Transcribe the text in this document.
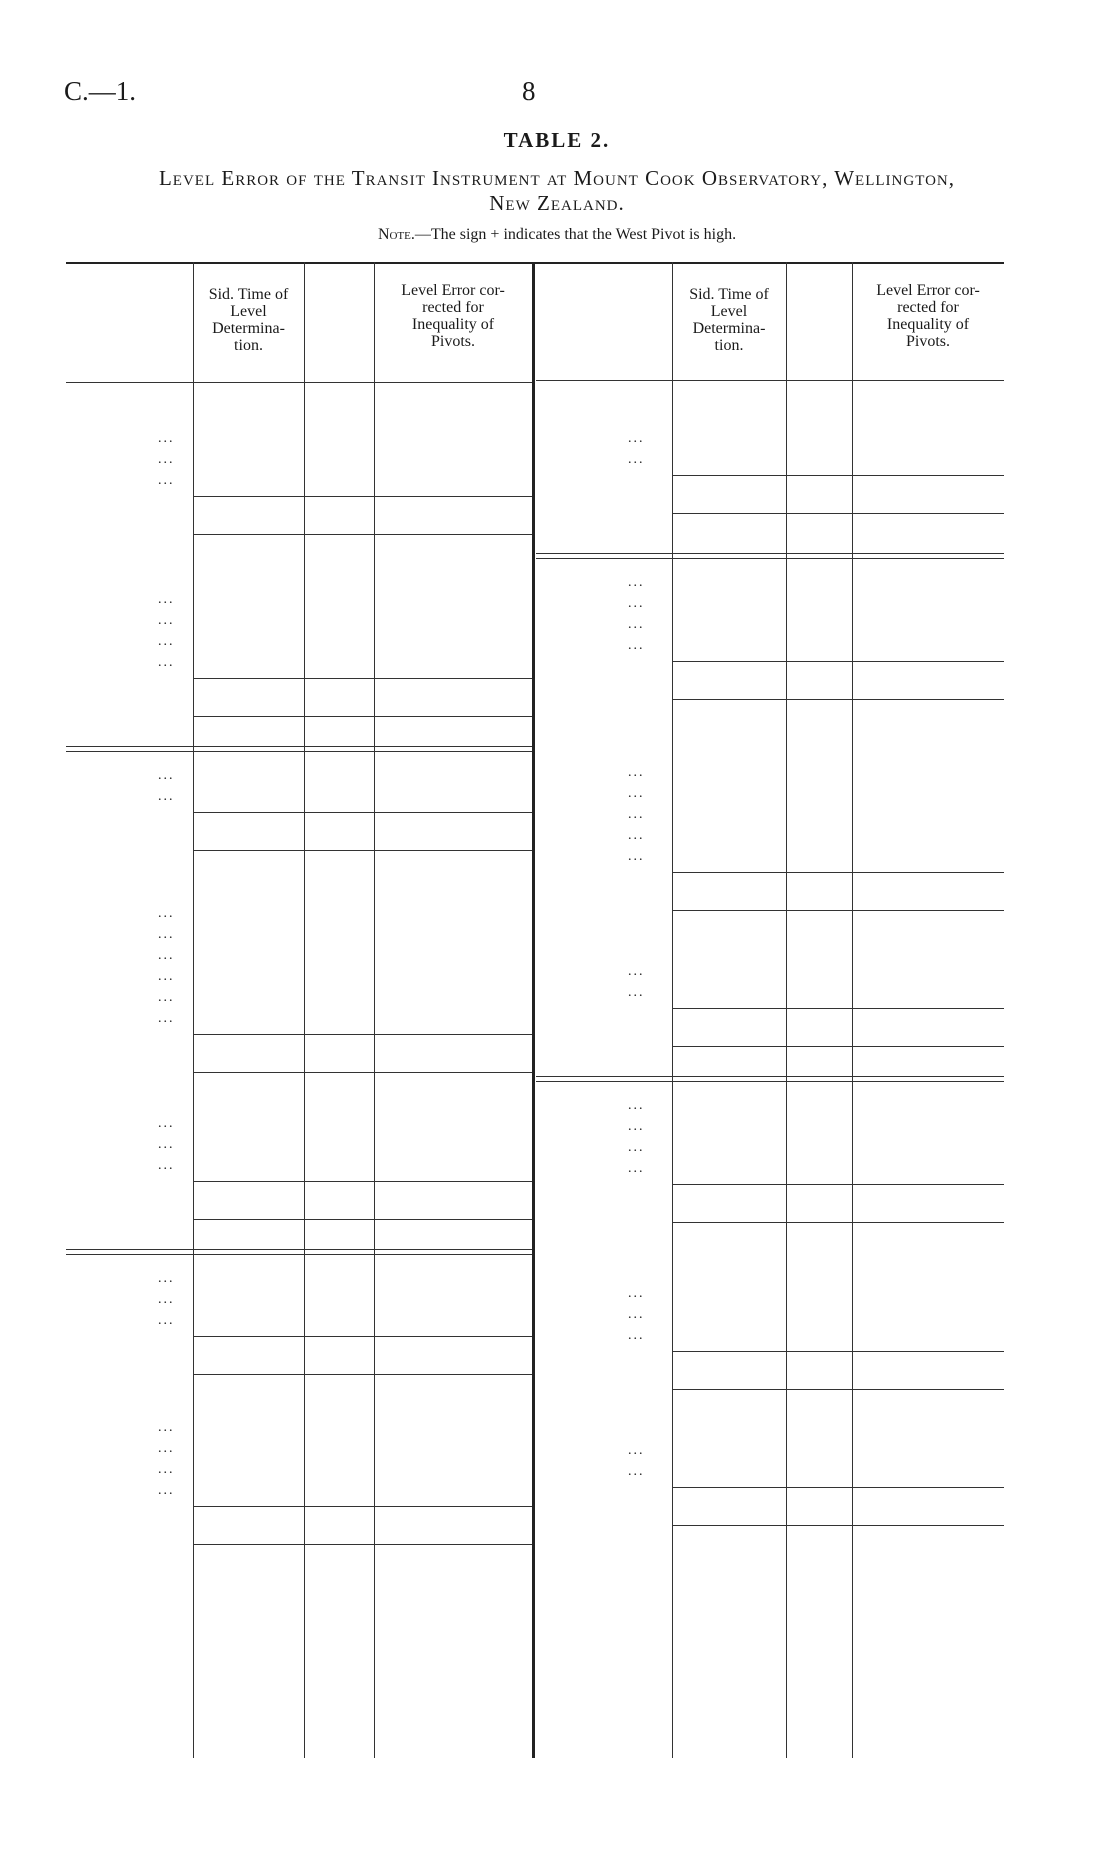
C.—1.	8
TABLE 2.
Level Error of the Transit Instrument at Mount Cook Observatory, Wellington,
New Zealand.
Note.—The sign + indicates that the West Pivot is high.
Sid. Time of
Level
Determina-
tion.
Level Error cor-
rected for
Inequality of
Pivots.
Sid. Time of
Level
Determina-
tion.
Level Error cor-
rected for
Inequality of
Pivots.
...
...
...
...
...
...
...
...
...
...
...
...
...
...
...
...
...
...
...
...
...
...
...
...
...
...
...
...
...
...
...
...
...
...
...
...
...
...
...
...
...
...
...
...
...
...
...
